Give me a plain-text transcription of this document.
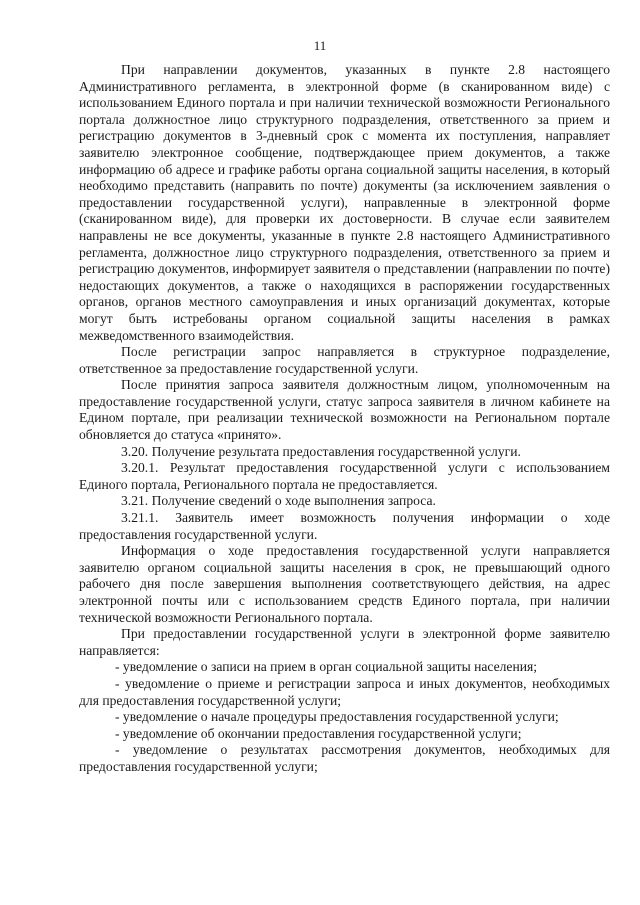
11

При направлении документов, указанных в пункте 2.8 настоящего Административного регламента, в электронной форме (в сканированном виде) с использованием Единого портала и при наличии технической возможности Регионального портала должностное лицо структурного подразделения, ответственного за прием и регистрацию документов в 3-дневный срок с момента их поступления, направляет заявителю электронное сообщение, подтверждающее прием документов, а также информацию об адресе и графике работы органа социальной защиты населения, в который необходимо представить (направить по почте) документы (за исключением заявления о предоставлении государственной услуги), направленные в электронной форме (сканированном виде), для проверки их достоверности. В случае если заявителем направлены не все документы, указанные в пункте 2.8 настоящего Административного регламента, должностное лицо структурного подразделения, ответственного за прием и регистрацию документов, информирует заявителя о представлении (направлении по почте) недостающих документов, а также о находящихся в распоряжении государственных органов, органов местного самоуправления и иных организаций документах, которые могут быть истребованы органом социальной защиты населения в рамках межведомственного взаимодействия.

После регистрации запрос направляется в структурное подразделение, ответственное за предоставление государственной услуги.

После принятия запроса заявителя должностным лицом, уполномоченным на предоставление государственной услуги, статус запроса заявителя в личном кабинете на Едином портале, при реализации технической возможности на Региональном портале обновляется до статуса «принято».

3.20. Получение результата предоставления государственной услуги.

3.20.1. Результат предоставления государственной услуги с использованием Единого портала, Регионального портала не предоставляется.

3.21. Получение сведений о ходе выполнения запроса.

3.21.1. Заявитель имеет возможность получения информации о ходе предоставления государственной услуги.

Информация о ходе предоставления государственной услуги направляется заявителю органом социальной защиты населения в срок, не превышающий одного рабочего дня после завершения выполнения соответствующего действия, на адрес электронной почты или с использованием средств Единого портала, при наличии технической возможности Регионального портала.

При предоставлении государственной услуги в электронной форме заявителю направляется:

- уведомление о записи на прием в орган социальной защиты населения;

- уведомление о приеме и регистрации запроса и иных документов, необходимых для предоставления государственной услуги;

- уведомление о начале процедуры предоставления государственной услуги;

- уведомление об окончании предоставления государственной услуги;

- уведомление о результатах рассмотрения документов, необходимых для предоставления государственной услуги;
